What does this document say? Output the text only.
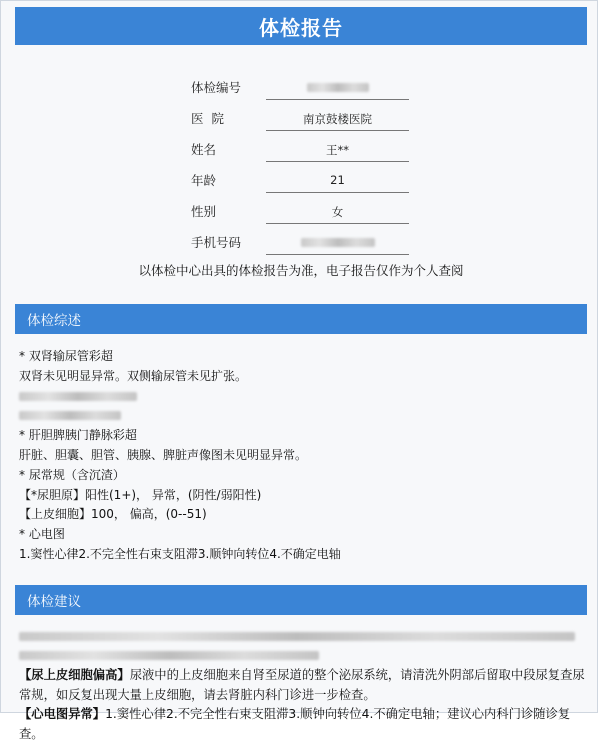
体检报告
体检编号
医  院	南京鼓楼医院
姓名	王**
年龄	21
性别	女
手机号码
以体检中心出具的体检报告为准，电子报告仅作为个人查阅
体检综述
* 双肾输尿管彩超
双肾未见明显异常。双侧输尿管未见扩张。
* 肝胆脾胰门静脉彩超
肝脏、胆囊、胆管、胰腺、脾脏声像图未见明显异常。
* 尿常规（含沉渣）
【*尿胆原】阳性(1+)， 异常，(阴性/弱阳性)
【上皮细胞】100， 偏高，(0--51)
* 心电图
1.窦性心律2.不完全性右束支阻滞3.顺钟向转位4.不确定电轴
体检建议
【尿上皮细胞偏高】尿液中的上皮细胞来自肾至尿道的整个泌尿系统，请清洗外阴部后留取中段尿复查尿常规，如反复出现大量上皮细胞，请去肾脏内科门诊进一步检查。
【心电图异常】1.窦性心律2.不完全性右束支阻滞3.顺钟向转位4.不确定电轴；建议心内科门诊随诊复查。
